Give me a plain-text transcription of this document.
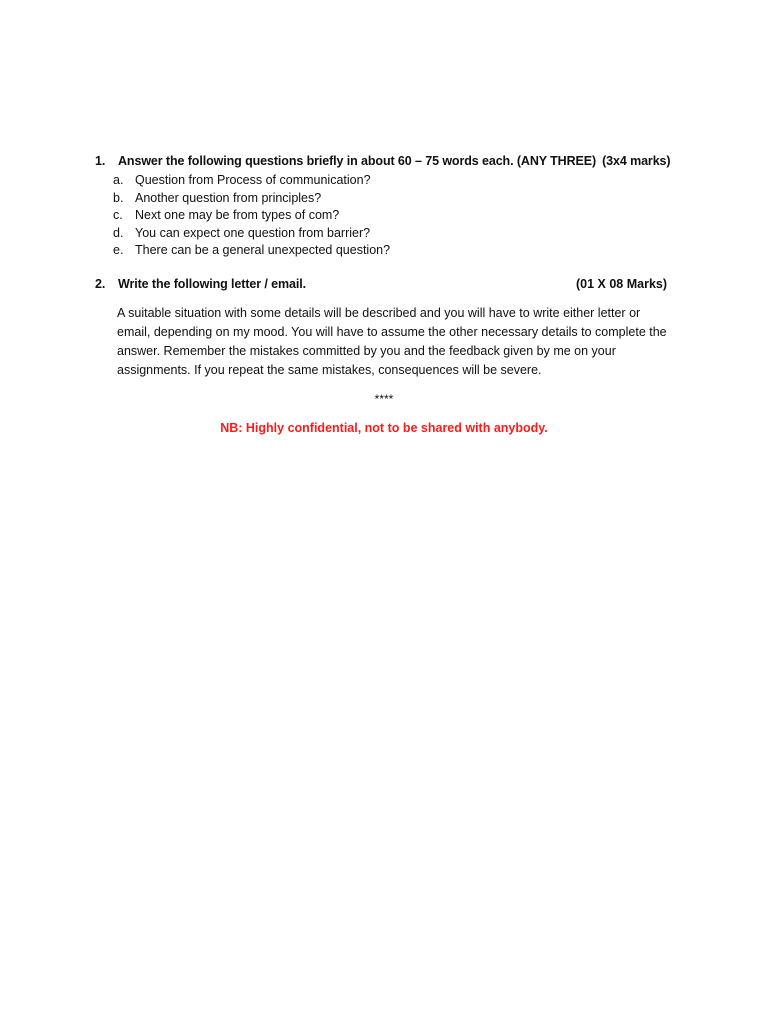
1. Answer the following questions briefly in about 60 – 75 words each. (ANY THREE) (3x4 marks)
a. Question from Process of communication?
b. Another question from principles?
c. Next one may be from types of com?
d. You can expect one question from barrier?
e. There can be a general unexpected question?
2. Write the following letter / email.	(01 X 08 Marks)
A suitable situation with some details will be described and you will have to write either letter or
email, depending on my mood. You will have to assume the other necessary details to complete the
answer. Remember the mistakes committed by you and the feedback given by me on your
assignments. If you repeat the same mistakes, consequences will be severe.
****
NB: Highly confidential, not to be shared with anybody.
